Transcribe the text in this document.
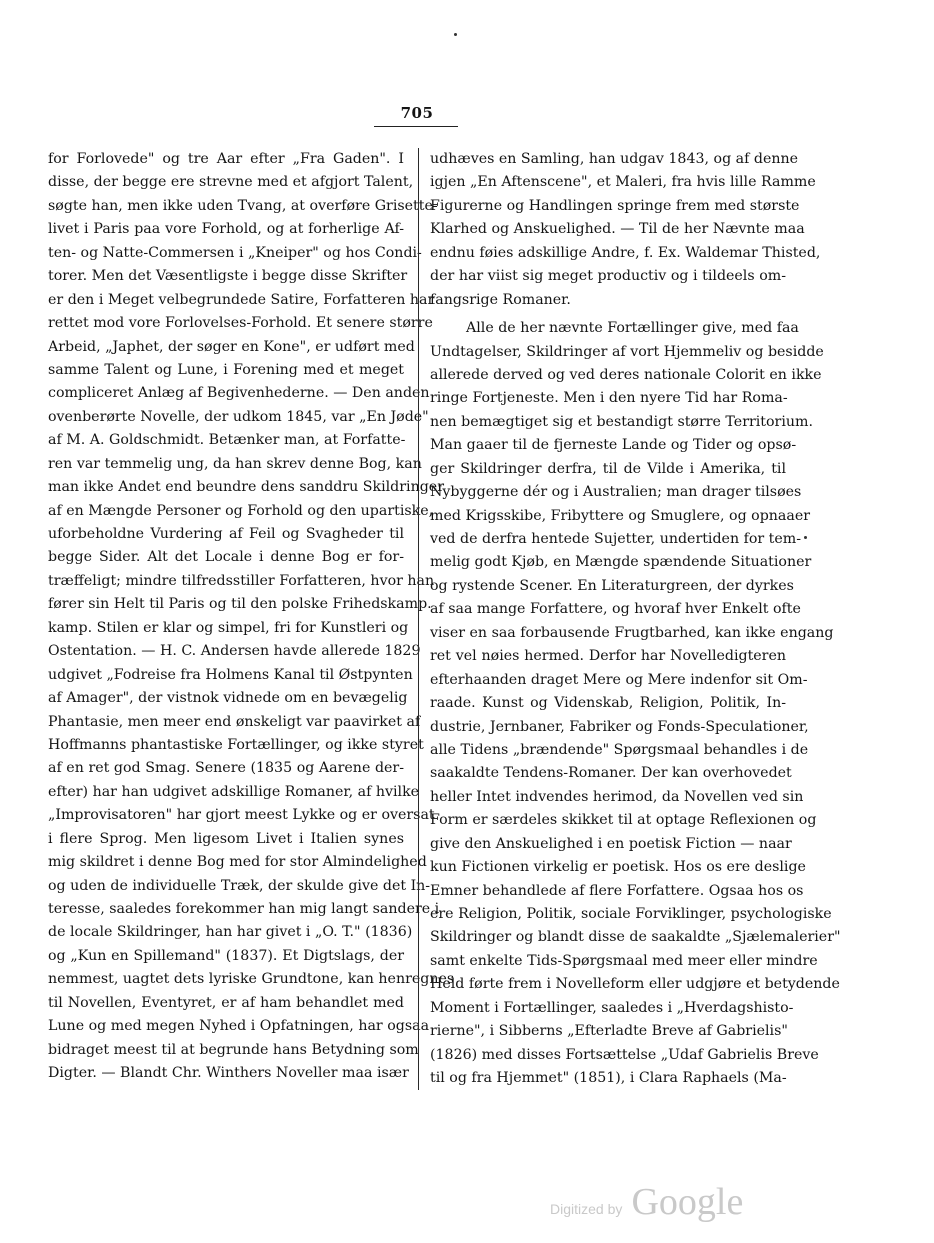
705
for Forlovede" og tre Aar efter „Fra Gaden". I
disse, der begge ere strevne med et afgjort Talent,
søgte han, men ikke uden Tvang, at overføre Grisette-
livet i Paris paa vore Forhold, og at forherlige Af-
ten- og Natte-Commersen i „Kneiper" og hos Condi-
torer. Men det Væsentligste i begge disse Skrifter
er den i Meget velbegrundede Satire, Forfatteren har
rettet mod vore Forlovelses-Forhold. Et senere større
Arbeid, „Japhet, der søger en Kone", er udført med
samme Talent og Lune, i Forening med et meget
compliceret Anlæg af Begivenhederne. — Den anden
ovenberørte Novelle, der udkom 1845, var „En Jøde"
af M. A. Goldschmidt. Betænker man, at Forfatte-
ren var temmelig ung, da han skrev denne Bog, kan
man ikke Andet end beundre dens sanddru Skildringer
af en Mængde Personer og Forhold og den upartiske,
uforbeholdne Vurdering af Feil og Svagheder til
begge Sider. Alt det Locale i denne Bog er for-
træffeligt; mindre tilfredsstiller Forfatteren, hvor han
fører sin Helt til Paris og til den polske Frihedskamp.
kamp. Stilen er klar og simpel, fri for Kunstleri og
Ostentation. — H. C. Andersen havde allerede 1829
udgivet „Fodreise fra Holmens Kanal til Østpynten
af Amager", der vistnok vidnede om en bevægelig
Phantasie, men meer end ønskeligt var paavirket af
Hoffmanns phantastiske Fortællinger, og ikke styret
af en ret god Smag. Senere (1835 og Aarene der-
efter) har han udgivet adskillige Romaner, af hvilke
„Improvisatoren" har gjort meest Lykke og er oversat
i flere Sprog. Men ligesom Livet i Italien synes
mig skildret i denne Bog med for stor Almindelighed
og uden de individuelle Træk, der skulde give det In-
teresse, saaledes forekommer han mig langt sandere i
de locale Skildringer, han har givet i „O. T." (1836)
og „Kun en Spillemand" (1837). Et Digtslags, der
nemmest, uagtet dets lyriske Grundtone, kan henregnes
til Novellen, Eventyret, er af ham behandlet med
Lune og med megen Nyhed i Opfatningen, har ogsaa
bidraget meest til at begrunde hans Betydning som
Digter. — Blandt Chr. Winthers Noveller maa især
udhæves en Samling, han udgav 1843, og af denne
igjen „En Aftenscene", et Maleri, fra hvis lille Ramme
Figurerne og Handlingen springe frem med største
Klarhed og Anskuelighed. — Til de her Nævnte maa
endnu føies adskillige Andre, f. Ex. Waldemar Thisted,
der har viist sig meget productiv og i tildeels om-
fangsrige Romaner.
Alle de her nævnte Fortællinger give, med faa
Undtagelser, Skildringer af vort Hjemmeliv og besidde
allerede derved og ved deres nationale Colorit en ikke
ringe Fortjeneste. Men i den nyere Tid har Roma-
nen bemægtiget sig et bestandigt større Territorium.
Man gaaer til de fjerneste Lande og Tider og opsø-
ger Skildringer derfra, til de Vilde i Amerika, til
Nybyggerne dér og i Australien; man drager tilsøes
med Krigsskibe, Fribyttere og Smuglere, og opnaaer
ved de derfra hentede Sujetter, undertiden for tem-
melig godt Kjøb, en Mængde spændende Situationer
og rystende Scener. En Literaturgreen, der dyrkes
af saa mange Forfattere, og hvoraf hver Enkelt ofte
viser en saa forbausende Frugtbarhed, kan ikke engang
ret vel nøies hermed. Derfor har Novelledigteren
efterhaanden draget Mere og Mere indenfor sit Om-
raade. Kunst og Videnskab, Religion, Politik, In-
dustrie, Jernbaner, Fabriker og Fonds-Speculationer,
alle Tidens „brændende" Spørgsmaal behandles i de
saakaldte Tendens-Romaner. Der kan overhovedet
heller Intet indvendes herimod, da Novellen ved sin
Form er særdeles skikket til at optage Reflexionen og
give den Anskuelighed i en poetisk Fiction — naar
kun Fictionen virkelig er poetisk. Hos os ere deslige
Emner behandlede af flere Forfattere. Ogsaa hos os
ere Religion, Politik, sociale Forviklinger, psychologiske
Skildringer og blandt disse de saakaldte „Sjælemalerier"
samt enkelte Tids-Spørgsmaal med meer eller mindre
Held førte frem i Novelleform eller udgjøre et betydende
Moment i Fortællinger, saaledes i „Hverdagshisto-
rierne", i Sibberns „Efterladte Breve af Gabrielis"
(1826) med disses Fortsættelse „Udaf Gabrielis Breve
til og fra Hjemmet" (1851), i Clara Raphaels (Ma-
Digitized by Google
